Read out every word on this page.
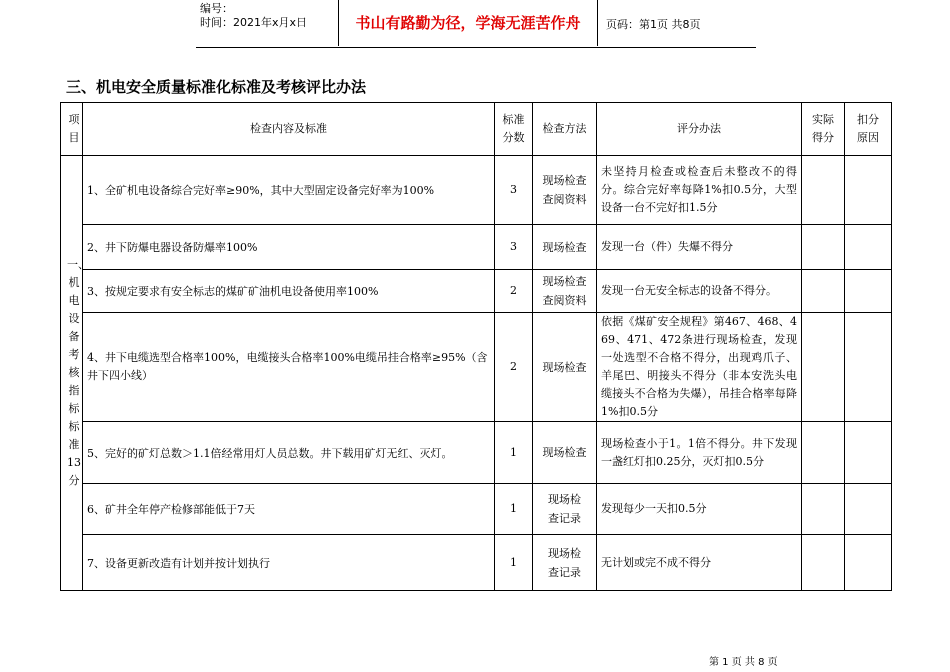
编号：
时间：2021年x月x日	书山有路勤为径，学海无涯苦作舟	页码：第1页 共8页
三、机电安全质量标准化标准及考核评比办法
项目	检查内容及标准	标准分数	检查方法	评分办法	实际得分	扣分原因

一、机电设备考核指标标准13分	1、全矿机电设备综合完好率≥90%，其中大型固定设备完好率为100%	3	现场检查查阅资料	未坚持月检查或检查后未整改不的得分。综合完好率每降1%扣0.5分，大型设备一台不完好扣1.5分		
	2、井下防爆电器设备防爆率100%	3	现场检查	发现一台（件）失爆不得分		
	3、按规定要求有安全标志的煤矿矿油机电设备使用率100%	2	现场检查查阅资料	发现一台无安全标志的设备不得分。		
	4、井下电缆选型合格率100%，电缆接头合格率100%电缆吊挂合格率≥95%（含井下四小线）	2	现场检查	依据《煤矿安全规程》第467、468、469、471、472条进行现场检查，发现一处选型不合格不得分，出现鸡爪子、羊尾巴、明接头不得分（非本安洗头电缆接头不合格为失爆），吊挂合格率每降1%扣0.5分		
	5、完好的矿灯总数＞1.1倍经常用灯人员总数。井下载用矿灯无红、灭灯。	1	现场检查	现场检查小于1。1倍不得分。井下发现一盏红灯扣0.25分，灭灯扣0.5分		
	6、矿井全年停产检修部能低于7天	1	现场检查记录	发现每少一天扣0.5分		
	7、设备更新改造有计划并按计划执行	1	现场检查记录	无计划或完不成不得分		
第 1 页 共 8 页
